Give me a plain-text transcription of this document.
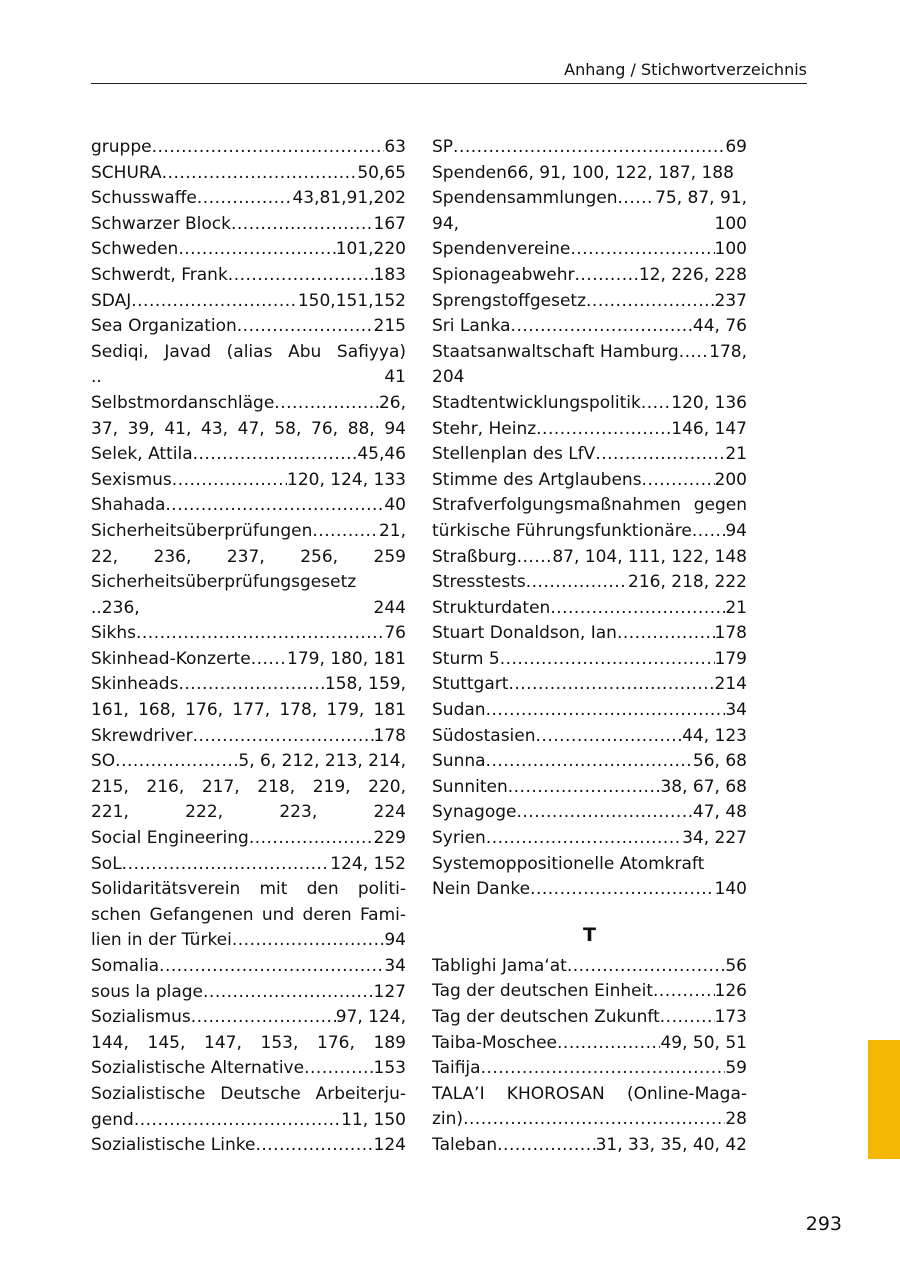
Anhang / Stichwortverzeichnis
gruppe .....	63
SCHURA .....	50,65
Schusswaffe .....	43,81,91,202
Schwarzer Block .....	167
Schweden .....	101,220
Schwerdt, Frank .....	183
SDAJ .....	150,151,152
Sea Organization .....	215
Sediqi, Javad (alias Abu Safiyya)
.. 41
Selbstmordanschläge .....	26,
37, 39, 41, 43, 47, 58, 76, 88, 94
Selek, Attila .....	45,46
Sexismus .....	120, 124, 133
Shahada .....	40
Sicherheitsüberprüfungen .....	21,
22, 236, 237, 256, 259
Sicherheitsüberprüfungsgesetz
..236, 244
Sikhs .....	76
Skinhead-Konzerte ..... 179, 180, 181
Skinheads .....	158, 159,
161, 168, 176, 177, 178, 179, 181
Skrewdriver .....	178
SO .....	5, 6, 212, 213, 214,
215, 216, 217, 218, 219, 220,
221, 222, 223, 224
Social Engineering .....	229
SoL .....	124, 152
Solidaritätsverein mit den politi-
schen Gefangenen und deren Fami-
lien in der Türkei .....	94
Somalia .....	34
sous la plage .....	127
Sozialismus .....	97, 124,
144, 145, 147, 153, 176, 189
Sozialistische Alternative .....	153
Sozialistische Deutsche Arbeiterju-
gend .....	11, 150
Sozialistische Linke .....	124
SP .....	69
Spenden 66, 91, 100, 122, 187, 188
Spendensammlungen ..... 75, 87, 91,
94, 100
Spendenvereine .....	100
Spionageabwehr .....	12, 226, 228
Sprengstoffgesetz .....	237
Sri Lanka .....	44, 76
Staatsanwaltschaft Hamburg ..... 178,
204
Stadtentwicklungspolitik ..... 120, 136
Stehr, Heinz .....	146, 147
Stellenplan des LfV .....	21
Stimme des Artglaubens .....	200
Strafverfolgungsmaßnahmen gegen
türkische Führungsfunktionäre ..... 94
Straßburg ..... 87, 104, 111, 122, 148
Stresstests .....	216, 218, 222
Strukturdaten .....	21
Stuart Donaldson, Ian .....	178
Sturm 5 .....	179
Stuttgart .....	214
Sudan .....	34
Südostasien .....	44, 123
Sunna .....	56, 68
Sunniten .....	38, 67, 68
Synagoge .....	47, 48
Syrien .....	34, 227
Systemoppositionelle Atomkraft
Nein Danke .....	140
T
Tablighi Jama‘at .....	56
Tag der deutschen Einheit .....	126
Tag der deutschen Zukunft .....	173
Taiba-Moschee .....	49, 50, 51
Taifija .....	59
TALA’I KHOROSAN (Online-Maga-
zin) .....	28
Taleban .....	31, 33, 35, 40, 42
293
